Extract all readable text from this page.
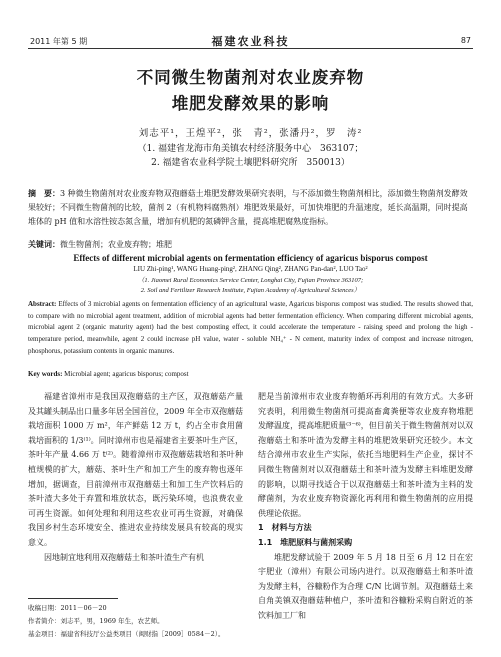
2011 年第 5 期	福建农业科技	87
不同微生物菌剂对农业废弃物
堆肥发酵效果的影响
刘志平¹，王煌平²，张　青²，张潘丹²，罗　涛²
（1. 福建省龙海市角美镇农村经济服务中心　363107；
2. 福建省农业科学院土壤肥料研究所　350013）
摘　要：3 种微生物菌剂对农业废弃物双孢蘑菇土堆肥发酵效果研究表明，与不添加微生物菌剂相比，添加微生物菌剂发酵效果较好；不同微生物菌剂的比较，菌剂 2（有机物料腐熟剂）堆肥效果最好，可加快堆肥的升温速度，延长高温期，同时提高堆体的 pH 值和水溶性铵态氮含量，增加有机肥的氮磷钾含量，提高堆肥腐熟度指标。
关键词：微生物菌剂；农业废弃物；堆肥
Effects of different microbial agents on fermentation efficiency of agaricus bisporus compost
LIU Zhi-ping¹, WANG Huang-ping², ZHANG Qing², ZHANG Pan-dan², LUO Tao²
（1. Jiaomei Rural Economics Service Center, Longhai City, Fujian Province 363107;
2. Soil and Fertilizer Research Institute, Fujian Academy of Agricultural Sciences）
Abstract: Effects of 3 microbial agents on fermentation efficiency of an agricultural waste, Agaricus bisporus compost was studied. The results showed that, to compare with no microbial agent treatment, addition of microbial agents had better fermentation efficiency. When comparing different microbial agents, microbial agent 2 (organic maturity agent) had the best composting effect, it could accelerate the temperature - raising speed and prolong the high - temperature period, meanwhile, agent 2 could increase pH value, water - soluble NH₄⁺ - N cement, maturity index of compost and increase nitrogen, phosphorus, potassium contents in organic manures.
Key words: Microbial agent; agaricus bisporus; compost

福建省漳州市是我国双孢蘑菇的主产区，双孢蘑菇产量及其罐头制品出口量多年居全国首位，2009 年全市双孢蘑菇栽培面积 1000 万 m²，年产鲜菇 12 万 t，约占全市食用菌栽培面积的 1/3⁽¹⁾。同时漳州市也是福建省主要茶叶生产区，茶叶年产量 4.66 万 t⁽²⁾。随着漳州市双孢蘑菇栽培和茶叶种植规模的扩大，蘑菇、茶叶生产和加工产生的废弃物也逐年增加，据调查，目前漳州市双孢蘑菇土和加工生产饮料后的茶叶渣大多处于弃置和堆放状态，既污染环境，也浪费农业可再生资源。如何处理和利用这些农业可再生资源，对确保我国乡村生态环境安全、推进农业持续发展具有较高的现实意义。

因地制宜地利用双孢蘑菇土和茶叶渣生产有机

肥是当前漳州市农业废弃物循环再利用的有效方式。大多研究表明，利用微生物菌剂可提高畜禽粪便等农业废弃物堆肥发酵温度，提高堆肥质量⁽³⁻⁶⁾，但目前关于微生物菌剂对以双孢蘑菇土和茶叶渣为发酵主料的堆肥效果研究还较少。本文结合漳州市农业生产实际，依托当地肥料生产企业，探讨不同微生物菌剂对以双孢蘑菇土和茶叶渣为发酵主料堆肥发酵的影响，以期寻找适合于以双孢蘑菇土和茶叶渣为主料的发酵菌剂，为农业废弃物资源化再利用和微生物菌剂的应用提供理论依据。

1　材料与方法

1.1　堆肥原料与菌剂采购

堆肥发酵试验于 2009 年 5 月 18 日至 6 月 12 日在宏宇肥业（漳州）有限公司场内进行。以双孢蘑菇土和茶叶渣为发酵主料，谷糠粉作为合理 C/N 比调节剂。双孢蘑菇土来自角美镇双孢蘑菇种植户，茶叶渣和谷糠粉采购自附近的茶饮料加工厂和

收稿日期：2011－06－20
作者简介：刘志平，男，1969 年生，农艺师。
基金项目：福建省科技厅公益类项目（闽财指［2009］0584－2）。
